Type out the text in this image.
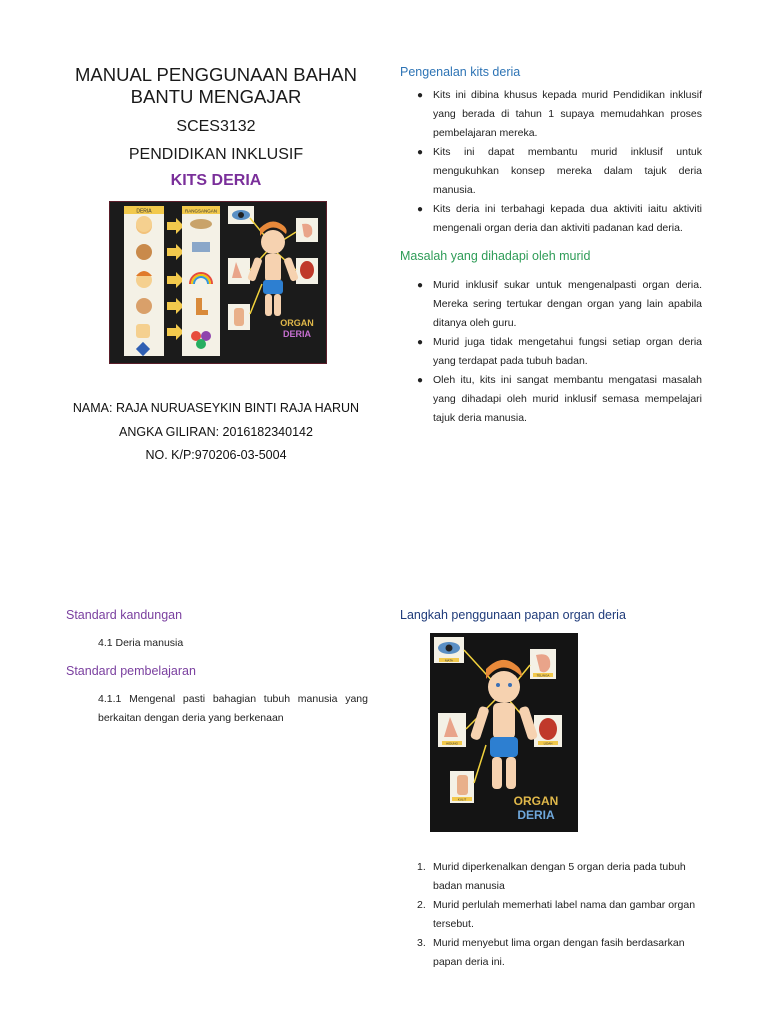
MANUAL PENGGUNAAN BAHAN
BANTU MENGAJAR
SCES3132
PENDIDIKAN INKLUSIF
KITS DERIA
DERIA	RANGSANGAN
ORGAN
DERIA
NAMA: RAJA NURUASEYKIN BINTI RAJA HARUN
ANGKA GILIRAN: 2016182340142
NO. K/P:970206-03-5004
Pengenalan kits deria
● Kits ini dibina khusus kepada murid Pendidikan inklusif yang berada di tahun 1 supaya memudahkan proses pembelajaran mereka.
● Kits ini dapat membantu murid inklusif untuk mengukuhkan konsep mereka dalam tajuk deria manusia.
● Kits deria ini terbahagi kepada dua aktiviti iaitu aktiviti mengenali organ deria dan aktiviti padanan kad deria.
Masalah yang dihadapi oleh murid
● Murid inklusif sukar untuk mengenalpasti organ deria. Mereka sering tertukar dengan organ yang lain apabila ditanya oleh guru.
● Murid juga tidak mengetahui fungsi setiap organ deria yang terdapat pada tubuh badan.
● Oleh itu, kits ini sangat membantu mengatasi masalah yang dihadapi oleh murid inklusif semasa mempelajari tajuk deria manusia.
Standard kandungan
4.1 Deria manusia
Standard pembelajaran
4.1.1 Mengenal pasti bahagian tubuh manusia yang berkaitan dengan deria yang berkenaan
Langkah penggunaan papan organ deria
MATA
TELINGA
HIDUNG	LIDAH
KULIT	ORGAN
DERIA
1. Murid diperkenalkan dengan 5 organ deria pada tubuh badan manusia
2. Murid perlulah memerhati label nama dan gambar organ tersebut.
3. Murid menyebut lima organ dengan fasih berdasarkan papan deria ini.
